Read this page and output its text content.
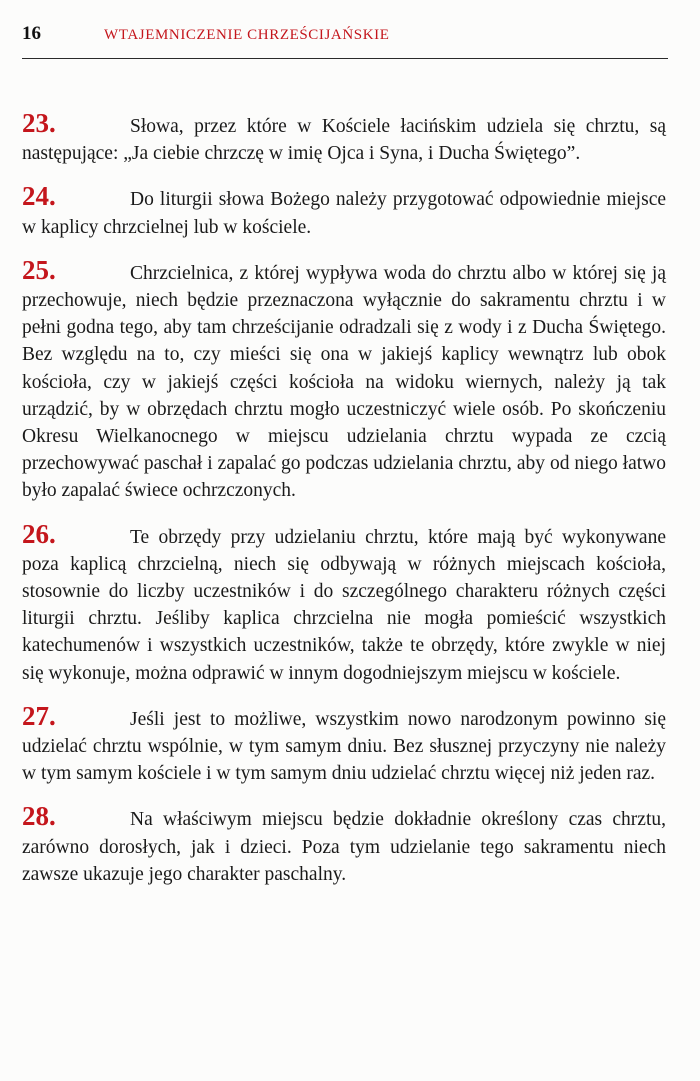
16	WTAJEMNICZENIE CHRZEŚCIJAŃSKIE

23.	Słowa, przez które w Kościele łacińskim udziela się chrztu, są następujące: „Ja ciebie chrzczę w imię Ojca i Syna, i Ducha Świętego”.

24.	Do liturgii słowa Bożego należy przygotować odpowiednie miejsce w kaplicy chrzcielnej lub w kościele.

25.	Chrzcielnica, z której wypływa woda do chrztu albo w której się ją przechowuje, niech będzie przeznaczona wyłącznie do sakramentu chrztu i w pełni godna tego, aby tam chrześcijanie odradzali się z wody i z Ducha Świętego. Bez względu na to, czy mieści się ona w jakiejś kaplicy wewnątrz lub obok kościoła, czy w jakiejś części kościoła na widoku wiernych, należy ją tak urządzić, by w obrzędach chrztu mogło uczestniczyć wiele osób. Po skończeniu Okresu Wielkanocnego w miejscu udzielania chrztu wypada ze czcią przechowywać paschał i zapalać go podczas udzielania chrztu, aby od niego łatwo było zapalać świece ochrzczonych.

26.	Te obrzędy przy udzielaniu chrztu, które mają być wykonywane poza kaplicą chrzcielną, niech się odbywają w różnych miejscach kościoła, stosownie do liczby uczestników i do szczególnego charakteru różnych części liturgii chrztu. Jeśliby kaplica chrzcielna nie mogła pomieścić wszystkich katechumenów i wszystkich uczestników, także te obrzędy, które zwykle w niej się wykonuje, można odprawić w innym dogodniejszym miejscu w kościele.

27.	Jeśli jest to możliwe, wszystkim nowo narodzonym powinno się udzielać chrztu wspólnie, w tym samym dniu. Bez słusznej przyczyny nie należy w tym samym kościele i w tym samym dniu udzielać chrztu więcej niż jeden raz.

28.	Na właściwym miejscu będzie dokładnie określony czas chrztu, zarówno dorosłych, jak i dzieci. Poza tym udzielanie tego sakramentu niech zawsze ukazuje jego charakter paschalny.
